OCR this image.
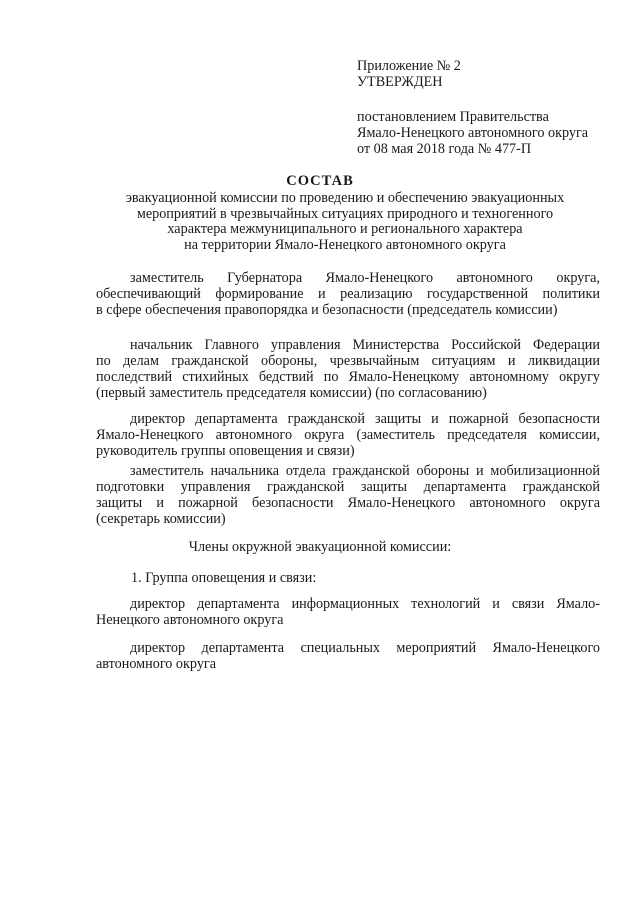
Приложение № 2
УТВЕРЖДЕН
постановлением Правительства
Ямало-Ненецкого автономного округа
от 08 мая 2018 года № 477-П
СОСТАВ
эвакуационной комиссии по проведению и обеспечению эвакуационных
мероприятий в чрезвычайных ситуациях природного и техногенного
характера межмуниципального и регионального характера
на территории Ямало-Ненецкого автономного округа
заместитель Губернатора Ямало-Ненецкого автономного округа,
обеспечивающий формирование и реализацию государственной политики
в сфере обеспечения правопорядка и безопасности (председатель комиссии)
начальник Главного управления Министерства Российской Федерации
по делам гражданской обороны, чрезвычайным ситуациям и ликвидации
последствий стихийных бедствий по Ямало-Ненецкому автономному округу
(первый заместитель председателя комиссии) (по согласованию)
директор департамента гражданской защиты и пожарной безопасности
Ямало-Ненецкого автономного округа (заместитель председателя комиссии,
руководитель группы оповещения и связи)
заместитель начальника отдела гражданской обороны и мобилизационной
подготовки управления гражданской защиты департамента гражданской
защиты и пожарной безопасности Ямало-Ненецкого автономного округа
(секретарь комиссии)
Члены окружной эвакуационной комиссии:
1. Группа оповещения и связи:
директор департамента информационных технологий и связи Ямало-
Ненецкого автономного округа
директор департамента специальных мероприятий Ямало-Ненецкого
автономного округа
